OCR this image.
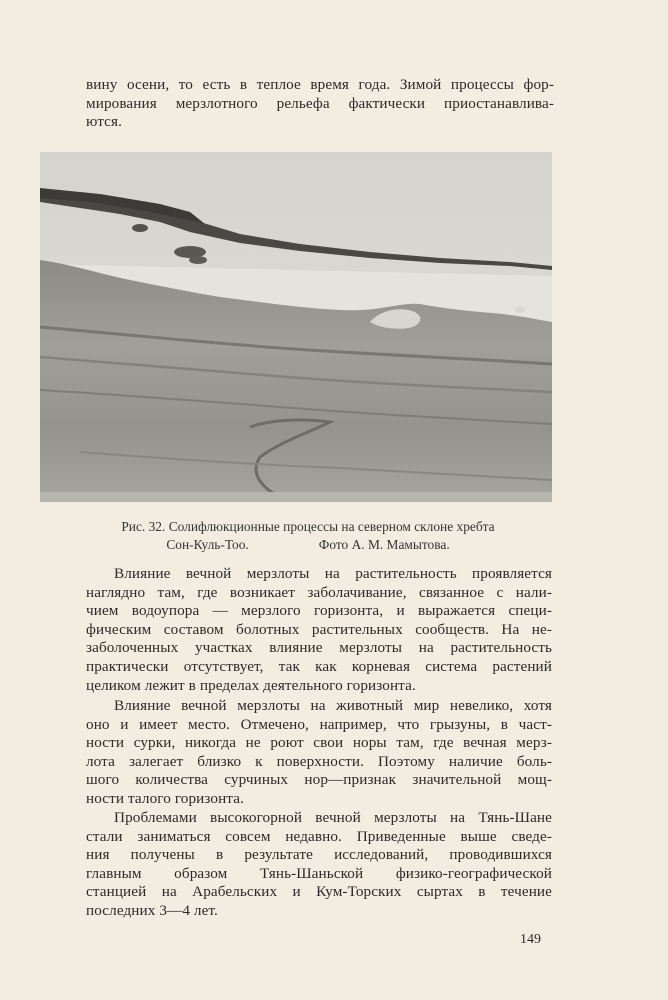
вину осени, то есть в теплое время года. Зимой процессы фор-
мирования мерзлотного рельефа фактически приостанавлива-
ются.

Рис. 32. Солифлюкционные процессы на северном склоне хребта
Сон-Куль-Тоо.	Фото А. М. Мамытова.

Влияние вечной мерзлоты на растительность проявляется
наглядно там, где возникает заболачивание, связанное с нали-
чием водоупора — мерзлого горизонта, и выражается специ-
фическим составом болотных растительных сообществ. На не-
заболоченных участках влияние мерзлоты на растительность
практически отсутствует, так как корневая система растений
целиком лежит в пределах деятельного горизонта.

Влияние вечной мерзлоты на животный мир невелико, хотя
оно и имеет место. Отмечено, например, что грызуны, в част-
ности сурки, никогда не роют свои норы там, где вечная мерз-
лота залегает близко к поверхности. Поэтому наличие боль-
шого количества сурчиных нор—признак значительной мощ-
ности талого горизонта.

Проблемами высокогорной вечной мерзлоты на Тянь-Шане
стали заниматься совсем недавно. Приведенные выше сведе-
ния получены в результате исследований, проводившихся
главным образом Тянь-Шаньской физико-географической
станцией на Арабельских и Кум-Торских сыртах в течение
последних 3—4 лет.

149
